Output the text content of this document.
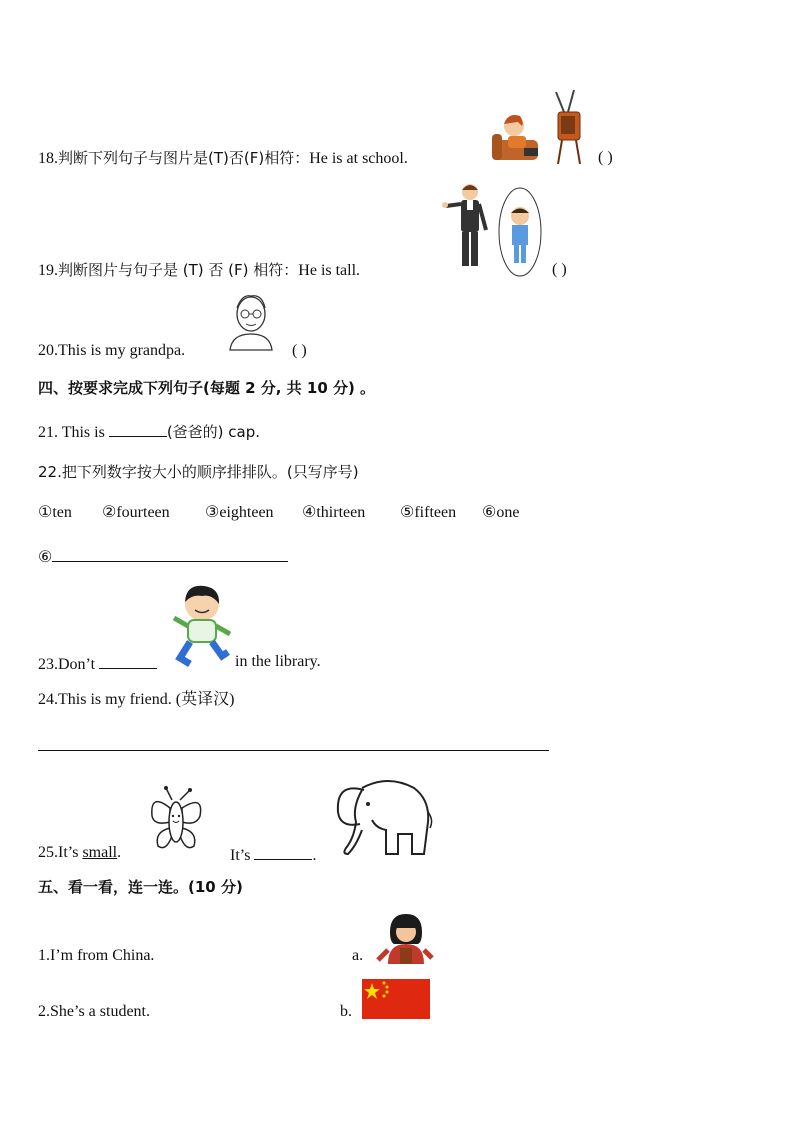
18.判断下列句子与图片是(T)否(F)相符：He is at school.	( )
19.判断图片与句子是 (T) 否 (F) 相符：He is tall.	( )
20.This is my grandpa.	( )
四、按要求完成下列句子(每题 2 分, 共 10 分) 。
21. This is	(爸爸的) cap.
22.把下列数字按大小的顺序排排队。(只写序号)
①ten ②fourteen ③eighteen ④thirteen ⑤fifteen ⑥one
⑥
23.Don’t	in the library.
24.This is my friend. (英译汉)
25.It’s small.	It’s	.
五、看一看，连一连。(10 分)
1.I’m from China.	a.
2.She’s a student.	b.
